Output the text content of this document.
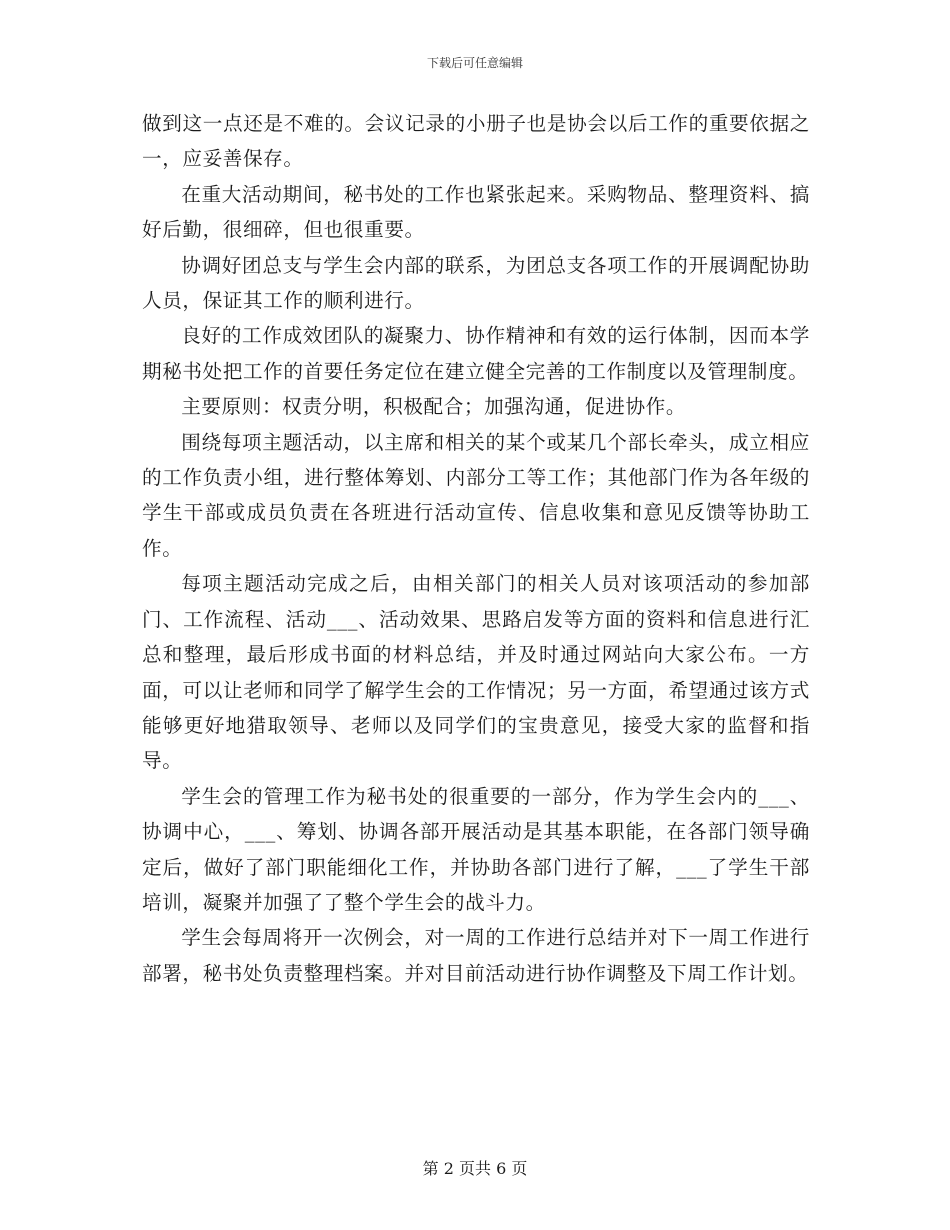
下载后可任意编辑

做到这一点还是不难的。会议记录的小册子也是协会以后工作的重要依据之一，应妥善保存。

在重大活动期间，秘书处的工作也紧张起来。采购物品、整理资料、搞好后勤，很细碎，但也很重要。

协调好团总支与学生会内部的联系，为团总支各项工作的开展调配协助人员，保证其工作的顺利进行。

良好的工作成效团队的凝聚力、协作精神和有效的运行体制，因而本学期秘书处把工作的首要任务定位在建立健全完善的工作制度以及管理制度。

主要原则：权责分明，积极配合；加强沟通，促进协作。

围绕每项主题活动，以主席和相关的某个或某几个部长牵头，成立相应的工作负责小组，进行整体筹划、内部分工等工作；其他部门作为各年级的学生干部或成员负责在各班进行活动宣传、信息收集和意见反馈等协助工作。

每项主题活动完成之后，由相关部门的相关人员对该项活动的参加部门、工作流程、活动___、活动效果、思路启发等方面的资料和信息进行汇总和整理，最后形成书面的材料总结，并及时通过网站向大家公布。一方面，可以让老师和同学了解学生会的工作情况；另一方面，希望通过该方式能够更好地猎取领导、老师以及同学们的宝贵意见，接受大家的监督和指导。

学生会的管理工作为秘书处的很重要的一部分，作为学生会内的___、协调中心，___、筹划、协调各部开展活动是其基本职能，在各部门领导确定后，做好了部门职能细化工作，并协助各部门进行了解，___了学生干部培训，凝聚并加强了了整个学生会的战斗力。

学生会每周将开一次例会，对一周的工作进行总结并对下一周工作进行部署，秘书处负责整理档案。并对目前活动进行协作调整及下周工作计划。

第 2 页共 6 页
